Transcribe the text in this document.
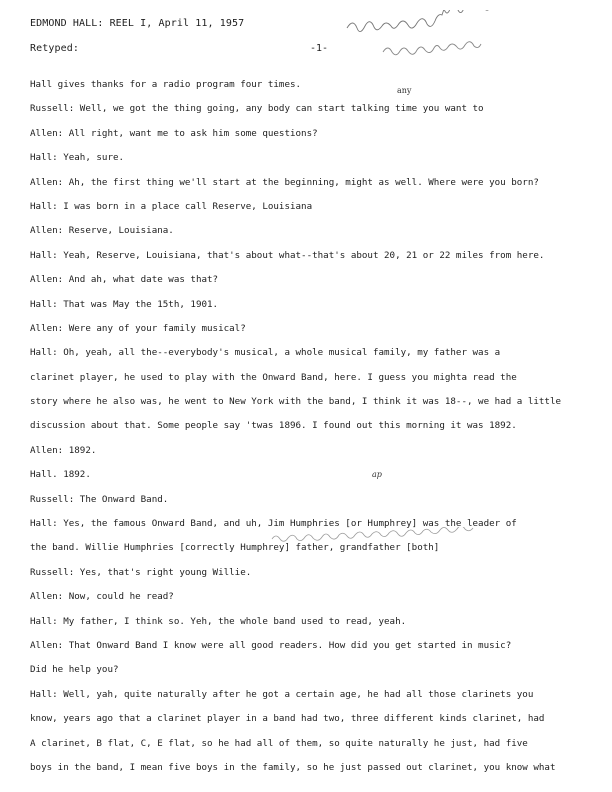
EDMOND HALL: REEL I, April 11, 1957
Retyped:	-1-
Hall gives thanks for a radio program four times.
Russell: Well, we got the thing going, any body can start talking time you want to
Allen: All right, want me to ask him some questions?
Hall: Yeah, sure.
Allen: Ah, the first thing we'll start at the beginning, might as well. Where were you born?
Hall: I was born in a place call Reserve, Louisiana
Allen: Reserve, Louisiana.
Hall: Yeah, Reserve, Louisiana, that's about what--that's about 20, 21 or 22 miles from here.
Allen: And ah, what date was that?
Hall: That was May the 15th, 1901.
Allen: Were any of your family musical?
Hall: Oh, yeah, all the--everybody's musical, a whole musical family, my father was a
clarinet player, he used to play with the Onward Band, here. I guess you mighta read the
story where he also was, he went to New York with the band, I think it was 18--, we had a little
discussion about that. Some people say 'twas 1896. I found out this morning it was 1892.
Allen: 1892.
Hall. 1892.
Russell: The Onward Band.
Hall: Yes, the famous Onward Band, and uh, Jim Humphries [or Humphrey] was the leader of
the band. Willie Humphries [correctly Humphrey] father, grandfather [both]
Russell: Yes, that's right young Willie.
Allen: Now, could he read?
Hall: My father, I think so. Yeh, the whole band used to read, yeah.
Allen: That Onward Band I know were all good readers. How did you get started in music?
Did he help you?
Hall: Well, yah, quite naturally after he got a certain age, he had all those clarinets you
know, years ago that a clarinet player in a band had two, three different kinds clarinet, had
A clarinet, B flat, C, E flat, so he had all of them, so quite naturally he just, had five
boys in the band, I mean five boys in the family, so he just passed out clarinet, you know what
any
ap
